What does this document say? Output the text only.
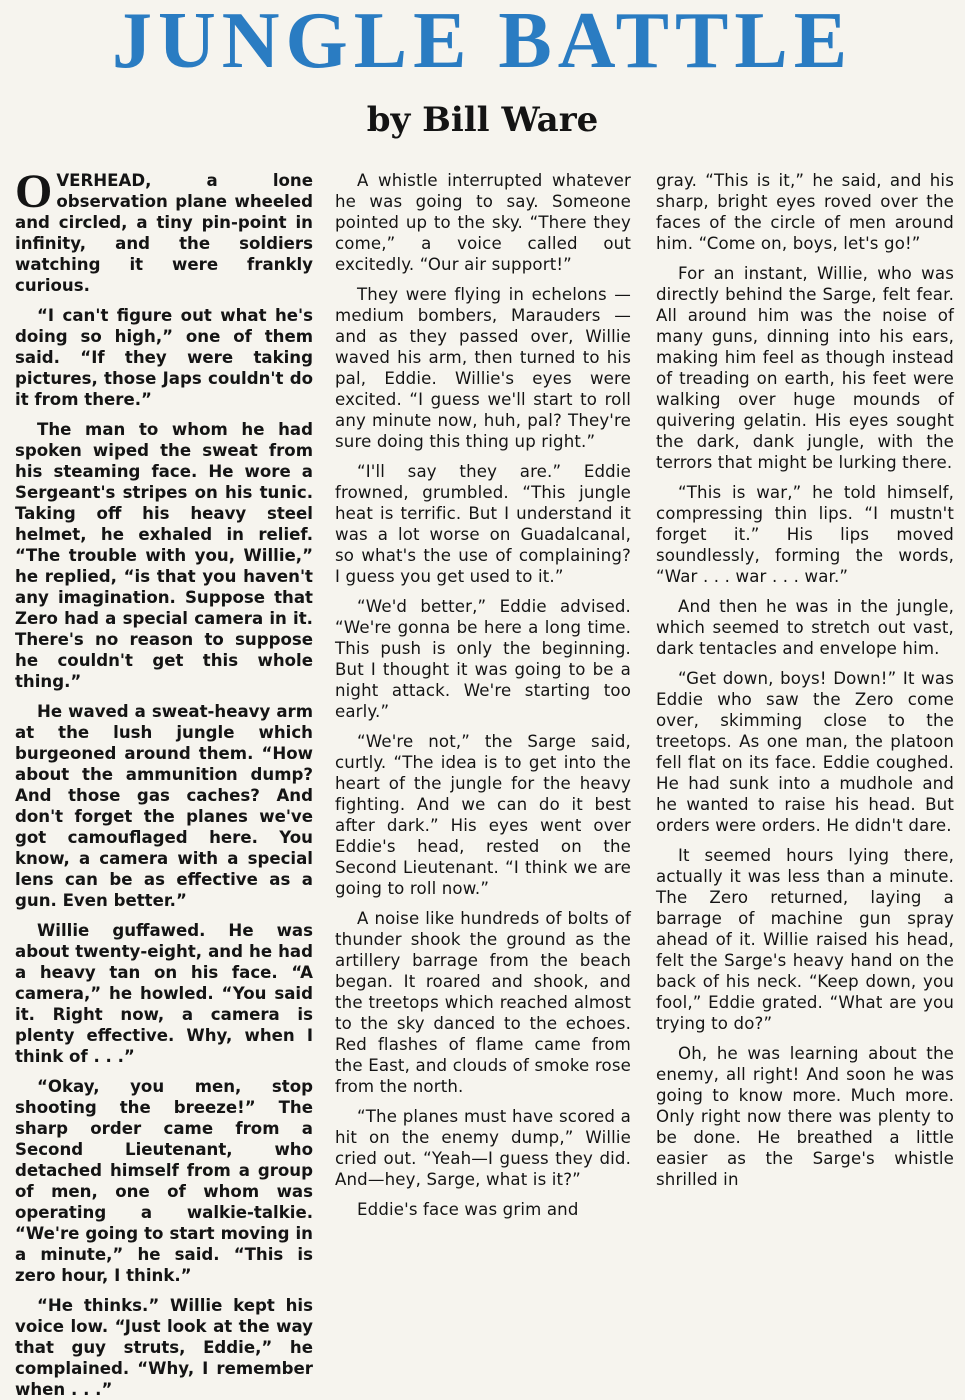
JUNGLE BATTLE
by Bill Ware

OVERHEAD, a lone observation plane wheeled and circled, a tiny pin-point in infinity, and the soldiers watching it were frankly curious.

“I can't figure out what he's doing so high,” one of them said. “If they were taking pictures, those Japs couldn't do it from there.”

The man to whom he had spoken wiped the sweat from his steaming face. He wore a Sergeant's stripes on his tunic. Taking off his heavy steel helmet, he exhaled in relief. “The trouble with you, Willie,” he replied, “is that you haven't any imagination. Suppose that Zero had a special camera in it. There's no reason to suppose he couldn't get this whole thing.”

He waved a sweat-heavy arm at the lush jungle which burgeoned around them. “How about the ammunition dump? And those gas caches? And don't forget the planes we've got camouflaged here. You know, a camera with a special lens can be as effective as a gun. Even better.”

Willie guffawed. He was about twenty-eight, and he had a heavy tan on his face. “A camera,” he howled. “You said it. Right now, a camera is plenty effective. Why, when I think of . . .”

“Okay, you men, stop shooting the breeze!” The sharp order came from a Second Lieutenant, who detached himself from a group of men, one of whom was operating a walkie-talkie. “We're going to start moving in a minute,” he said. “This is zero hour, I think.”

“He thinks.” Willie kept his voice low. “Just look at the way that guy struts, Eddie,” he complained. “Why, I remember when . . .”

A whistle interrupted whatever he was going to say. Someone pointed up to the sky. “There they come,” a voice called out excitedly. “Our air support!”

They were flying in echelons —medium bombers, Marauders —and as they passed over, Willie waved his arm, then turned to his pal, Eddie. Willie's eyes were excited. “I guess we'll start to roll any minute now, huh, pal? They're sure doing this thing up right.”

“I'll say they are.” Eddie frowned, grumbled. “This jungle heat is terrific. But I understand it was a lot worse on Guadalcanal, so what's the use of complaining? I guess you get used to it.”

“We'd better,” Eddie advised. “We're gonna be here a long time. This push is only the beginning. But I thought it was going to be a night attack. We're starting too early.”

“We're not,” the Sarge said, curtly. “The idea is to get into the heart of the jungle for the heavy fighting. And we can do it best after dark.” His eyes went over Eddie's head, rested on the Second Lieutenant. “I think we are going to roll now.”

A noise like hundreds of bolts of thunder shook the ground as the artillery barrage from the beach began. It roared and shook, and the treetops which reached almost to the sky danced to the echoes. Red flashes of flame came from the East, and clouds of smoke rose from the north.

“The planes must have scored a hit on the enemy dump,” Willie cried out. “Yeah—I guess they did. And—hey, Sarge, what is it?”

Eddie's face was grim and

gray. “This is it,” he said, and his sharp, bright eyes roved over the faces of the circle of men around him. “Come on, boys, let's go!”

For an instant, Willie, who was directly behind the Sarge, felt fear. All around him was the noise of many guns, dinning into his ears, making him feel as though instead of treading on earth, his feet were walking over huge mounds of quivering gelatin. His eyes sought the dark, dank jungle, with the terrors that might be lurking there.

“This is war,” he told himself, compressing thin lips. “I mustn't forget it.” His lips moved soundlessly, forming the words, “War . . . war . . . war.”

And then he was in the jungle, which seemed to stretch out vast, dark tentacles and envelope him.

“Get down, boys! Down!” It was Eddie who saw the Zero come over, skimming close to the treetops. As one man, the platoon fell flat on its face. Eddie coughed. He had sunk into a mudhole and he wanted to raise his head. But orders were orders. He didn't dare.

It seemed hours lying there, actually it was less than a minute. The Zero returned, laying a barrage of machine gun spray ahead of it. Willie raised his head, felt the Sarge's heavy hand on the back of his neck. “Keep down, you fool,” Eddie grated. “What are you trying to do?”

Oh, he was learning about the enemy, all right! And soon he was going to know more. Much more. Only right now there was plenty to be done. He breathed a little easier as the Sarge's whistle shrilled in
